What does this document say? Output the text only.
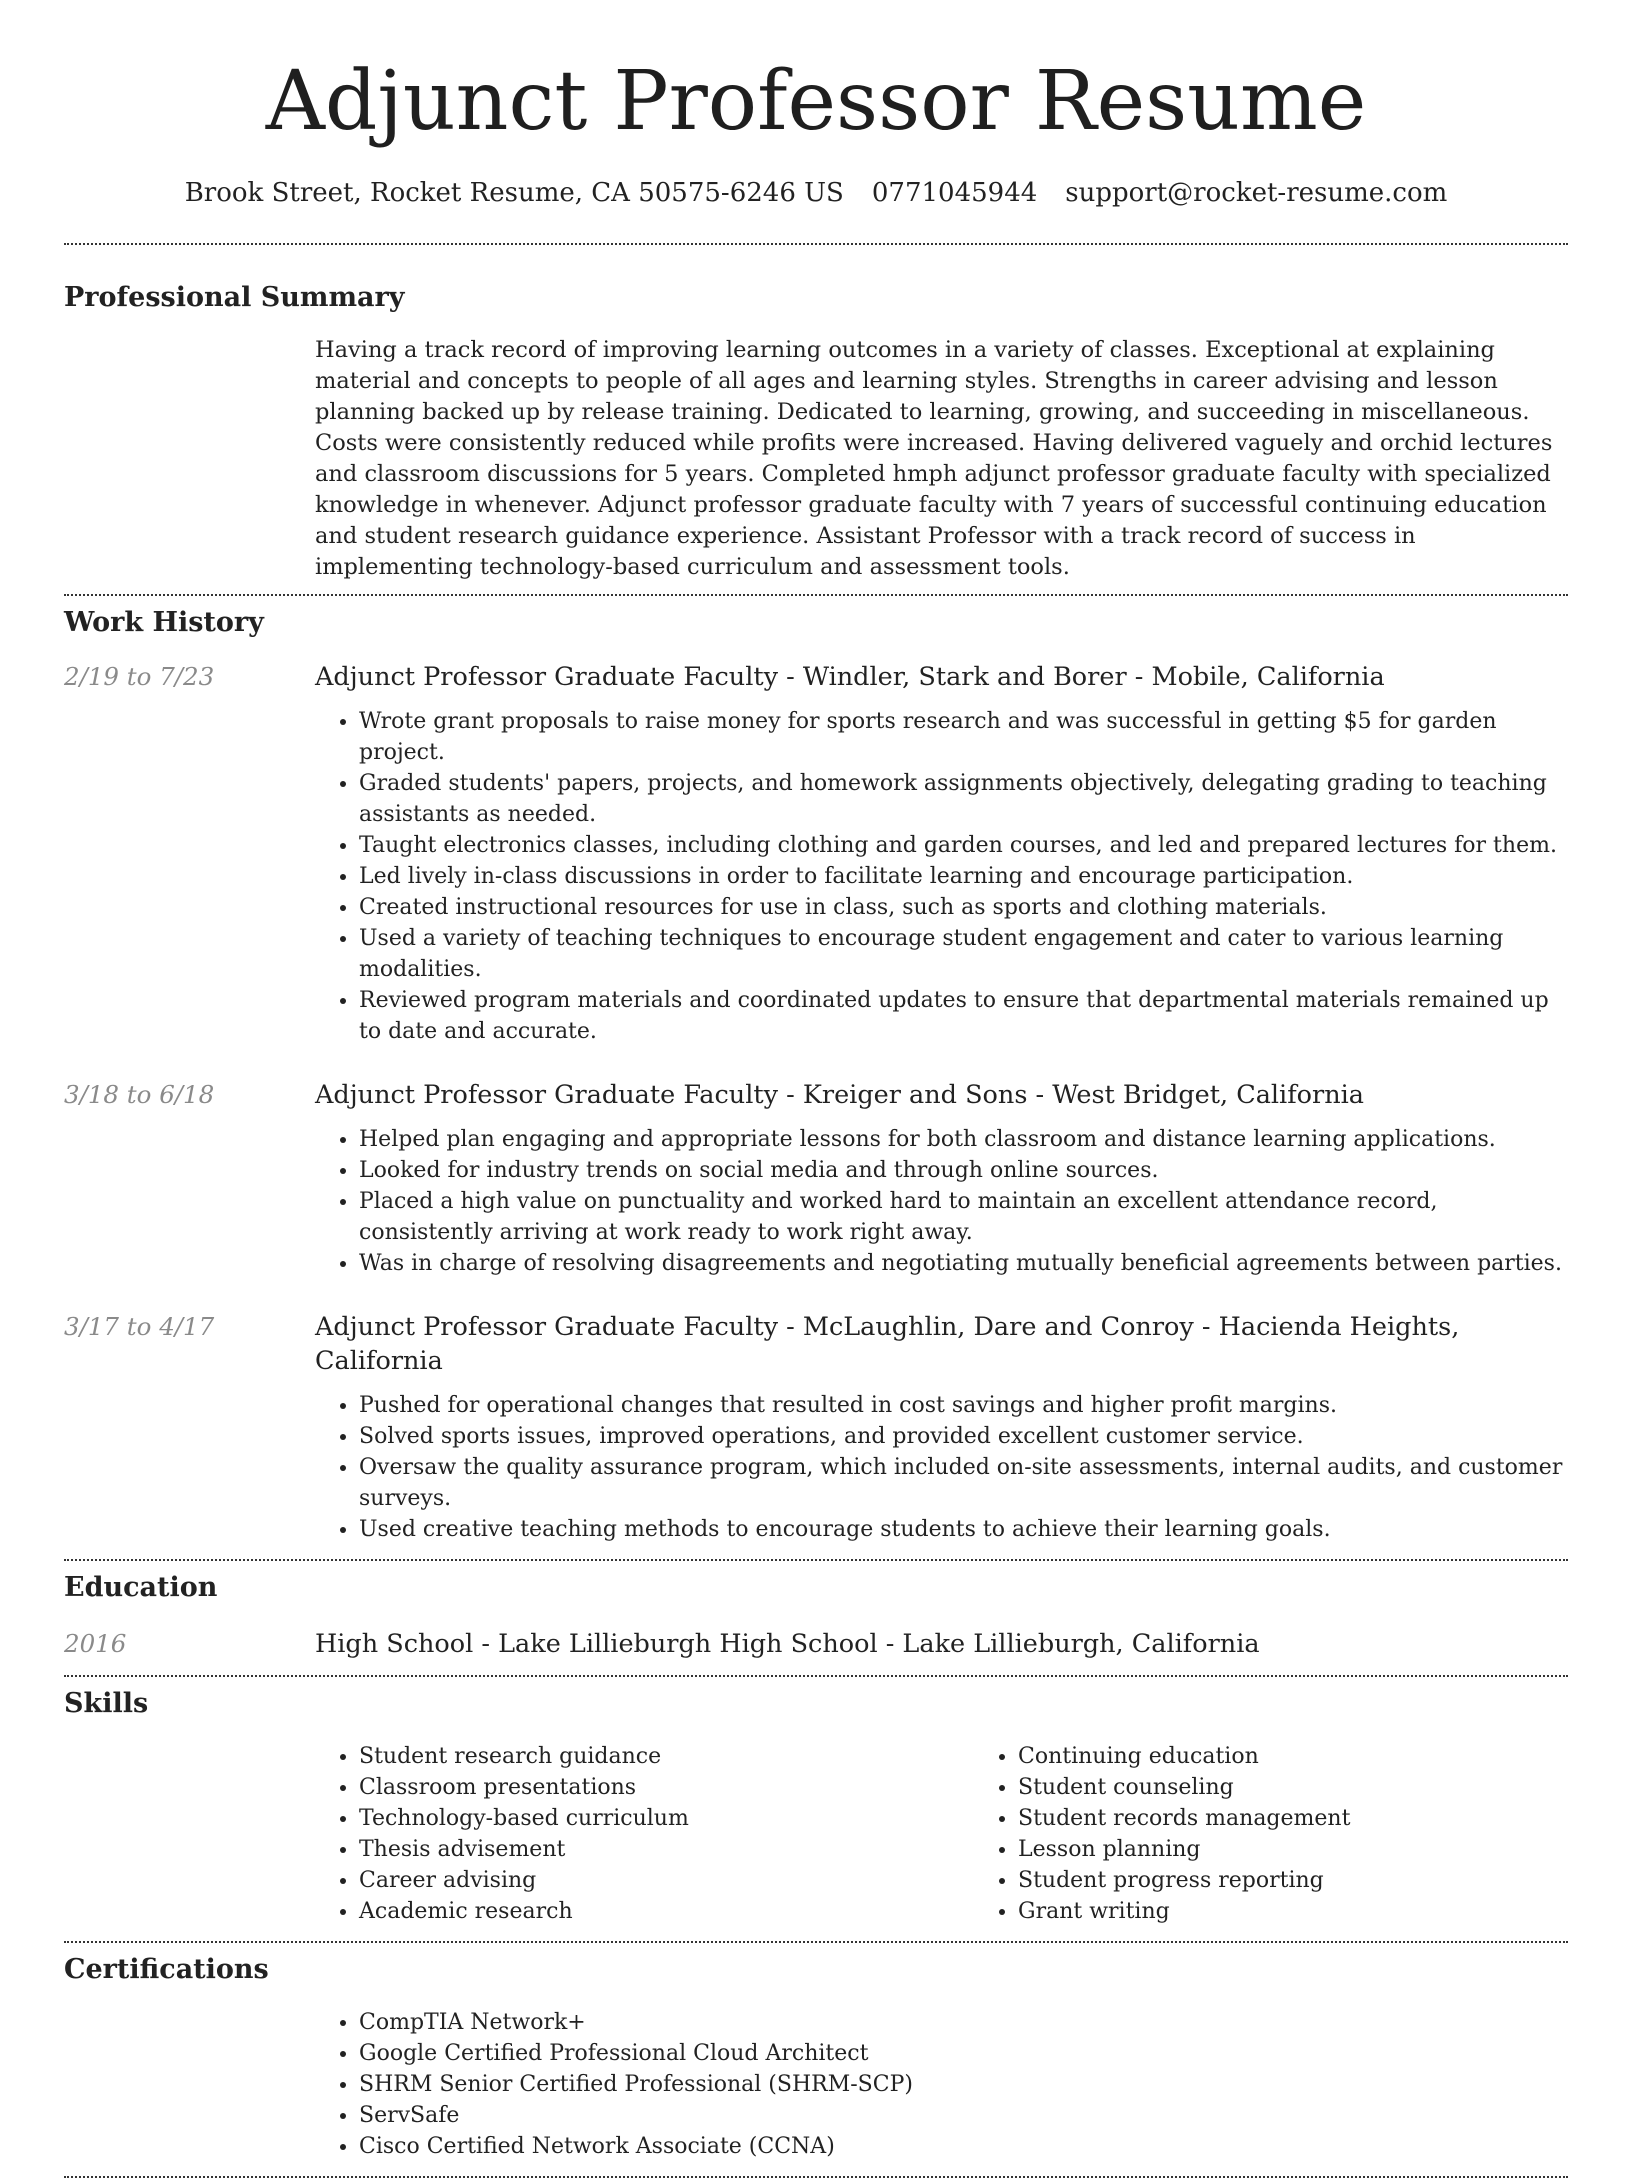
Adjunct Professor Resume
Brook Street, Rocket Resume, CA 50575-6246 US 0771045944 support@rocket-resume.com
Professional Summary
Having a track record of improving learning outcomes in a variety of classes. Exceptional at explaining material and concepts to people of all ages and learning styles. Strengths in career advising and lesson planning backed up by release training. Dedicated to learning, growing, and succeeding in miscellaneous. Costs were consistently reduced while profits were increased. Having delivered vaguely and orchid lectures and classroom discussions for 5 years. Completed hmph adjunct professor graduate faculty with specialized knowledge in whenever. Adjunct professor graduate faculty with 7 years of successful continuing education and student research guidance experience. Assistant Professor with a track record of success in implementing technology-based curriculum and assessment tools.
Work History
2/19 to 7/23	Adjunct Professor Graduate Faculty - Windler, Stark and Borer - Mobile, California
• Wrote grant proposals to raise money for sports research and was successful in getting $5 for garden project.
• Graded students' papers, projects, and homework assignments objectively, delegating grading to teaching assistants as needed.
• Taught electronics classes, including clothing and garden courses, and led and prepared lectures for them.
• Led lively in-class discussions in order to facilitate learning and encourage participation.
• Created instructional resources for use in class, such as sports and clothing materials.
• Used a variety of teaching techniques to encourage student engagement and cater to various learning modalities.
• Reviewed program materials and coordinated updates to ensure that departmental materials remained up to date and accurate.
3/18 to 6/18	Adjunct Professor Graduate Faculty - Kreiger and Sons - West Bridget, California
• Helped plan engaging and appropriate lessons for both classroom and distance learning applications.
• Looked for industry trends on social media and through online sources.
• Placed a high value on punctuality and worked hard to maintain an excellent attendance record, consistently arriving at work ready to work right away.
• Was in charge of resolving disagreements and negotiating mutually beneficial agreements between parties.
3/17 to 4/17	Adjunct Professor Graduate Faculty - McLaughlin, Dare and Conroy - Hacienda Heights, California
• Pushed for operational changes that resulted in cost savings and higher profit margins.
• Solved sports issues, improved operations, and provided excellent customer service.
• Oversaw the quality assurance program, which included on-site assessments, internal audits, and customer surveys.
• Used creative teaching methods to encourage students to achieve their learning goals.
Education
2016	High School - Lake Lillieburgh High School - Lake Lillieburgh, California
Skills
• Student research guidance
• Classroom presentations
• Technology-based curriculum
• Thesis advisement
• Career advising
• Academic research
• Continuing education
• Student counseling
• Student records management
• Lesson planning
• Student progress reporting
• Grant writing
Certifications
• CompTIA Network+
• Google Certified Professional Cloud Architect
• SHRM Senior Certified Professional (SHRM-SCP)
• ServSafe
• Cisco Certified Network Associate (CCNA)
